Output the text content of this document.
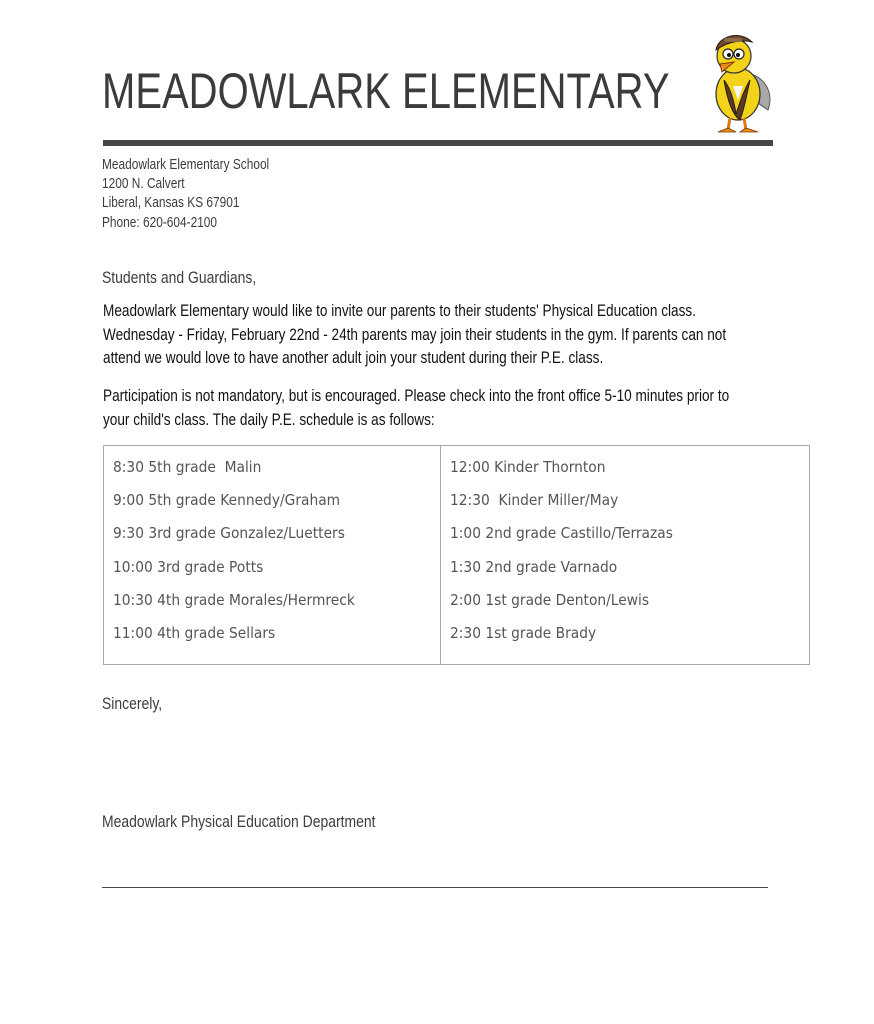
MEADOWLARK ELEMENTARY
Meadowlark Elementary School
1200 N. Calvert
Liberal, Kansas KS 67901
Phone: 620-604-2100
Students and Guardians,
Meadowlark Elementary would like to invite our parents to their students' Physical Education class.
Wednesday - Friday, February 22nd - 24th parents may join their students in the gym. If parents can not
attend we would love to have another adult join your student during their P.E. class.
Participation is not mandatory, but is encouraged. Please check into the front office 5-10 minutes prior to
your child's class. The daily P.E. schedule is as follows:
8:30 5th grade  Malin
9:00 5th grade Kennedy/Graham
9:30 3rd grade Gonzalez/Luetters
10:00 3rd grade Potts
10:30 4th grade Morales/Hermreck
11:00 4th grade Sellars
12:00 Kinder Thornton
12:30  Kinder Miller/May
1:00 2nd grade Castillo/Terrazas
1:30 2nd grade Varnado
2:00 1st grade Denton/Lewis
2:30 1st grade Brady
Sincerely,
Meadowlark Physical Education Department
